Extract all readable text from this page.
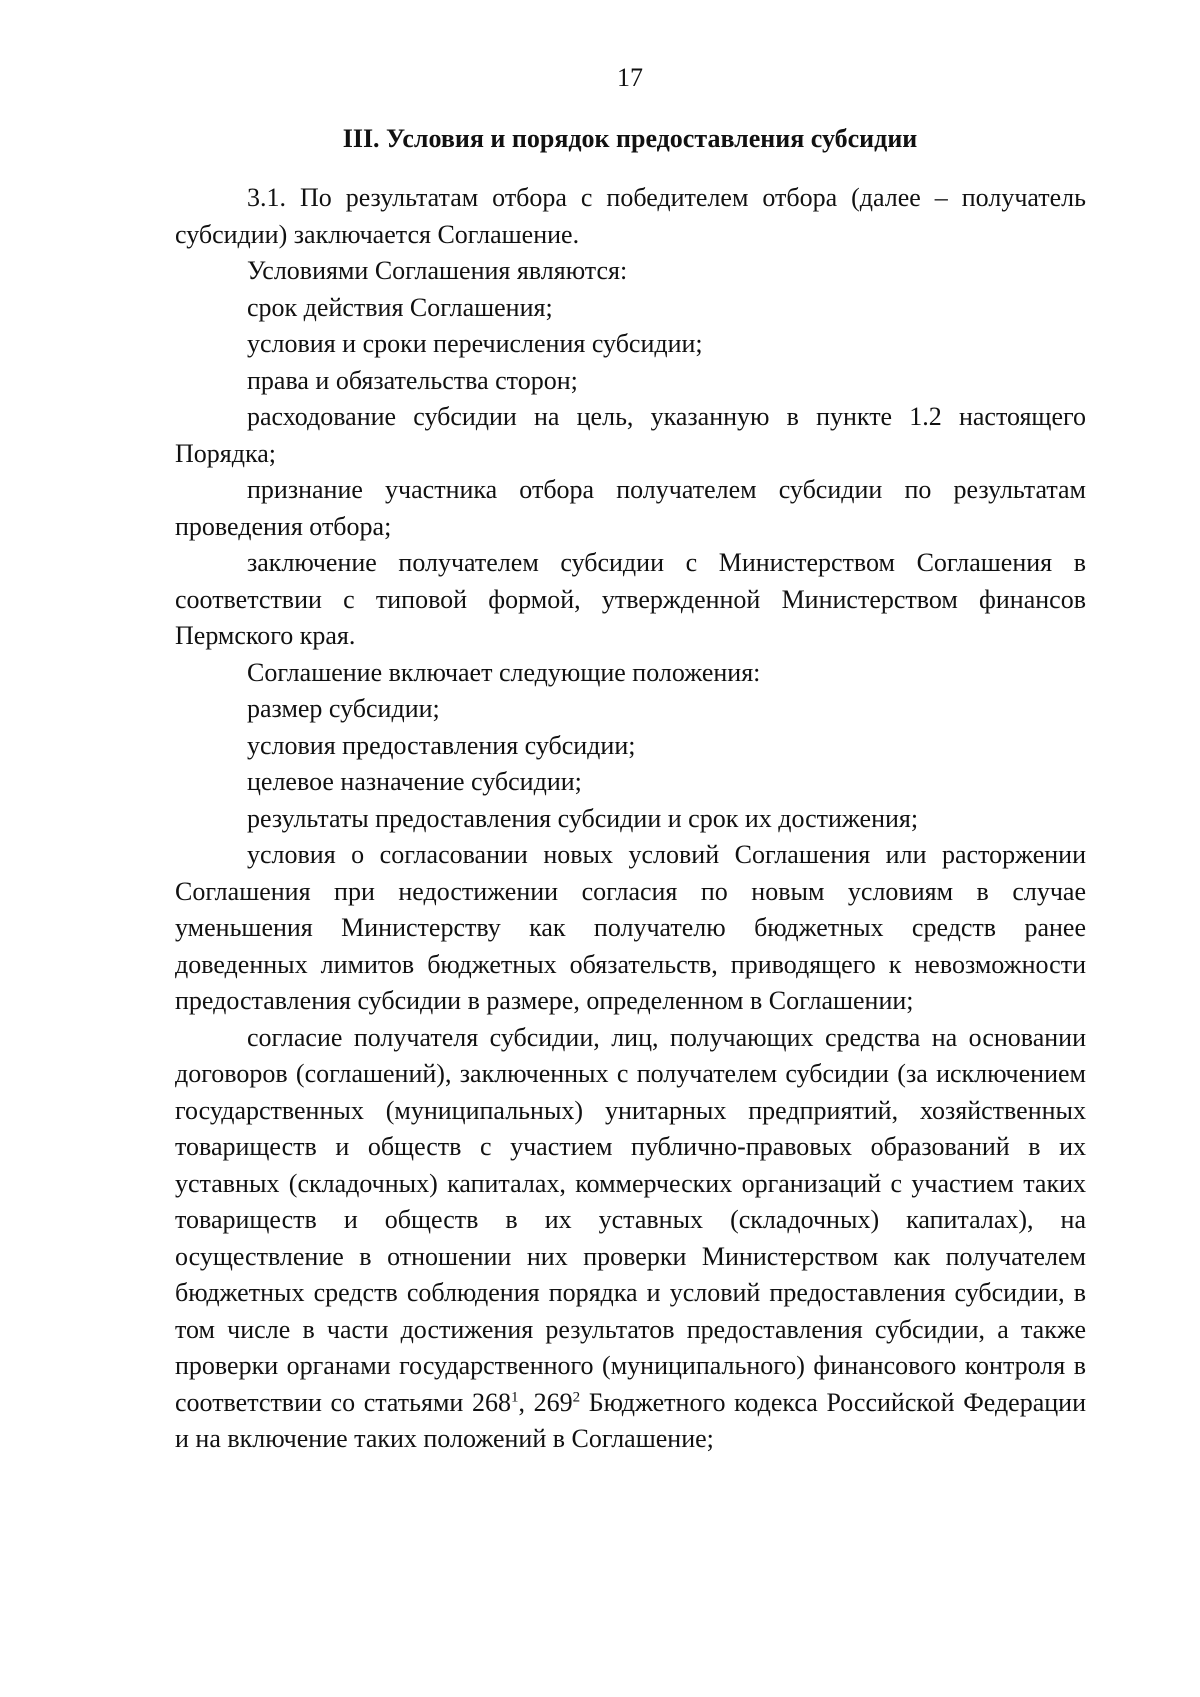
17
III. Условия и порядок предоставления субсидии

3.1. По результатам отбора с победителем отбора (далее – получатель субсидии) заключается Соглашение.

Условиями Соглашения являются:

срок действия Соглашения;

условия и сроки перечисления субсидии;

права и обязательства сторон;

расходование субсидии на цель, указанную в пункте 1.2 настоящего Порядка;

признание участника отбора получателем субсидии по результатам проведения отбора;

заключение получателем субсидии с Министерством Соглашения в соответствии с типовой формой, утвержденной Министерством финансов Пермского края.

Соглашение включает следующие положения:

размер субсидии;

условия предоставления субсидии;

целевое назначение субсидии;

результаты предоставления субсидии и срок их достижения;

условия о согласовании новых условий Соглашения или расторжении Соглашения при недостижении согласия по новым условиям в случае уменьшения Министерству как получателю бюджетных средств ранее доведенных лимитов бюджетных обязательств, приводящего к невозможности предоставления субсидии в размере, определенном в Соглашении;

согласие получателя субсидии, лиц, получающих средства на основании договоров (соглашений), заключенных с получателем субсидии (за исключением государственных (муниципальных) унитарных предприятий, хозяйственных товариществ и обществ с участием публично-правовых образований в их уставных (складочных) капиталах, коммерческих организаций с участием таких товариществ и обществ в их уставных (складочных) капиталах), на осуществление в отношении них проверки Министерством как получателем бюджетных средств соблюдения порядка и условий предоставления субсидии, в том числе в части достижения результатов предоставления субсидии, а также проверки органами государственного (муниципального) финансового контроля в соответствии со статьями $268^1$, $269^2$ Бюджетного кодекса Российской Федерации и на включение таких положений в Соглашение;
